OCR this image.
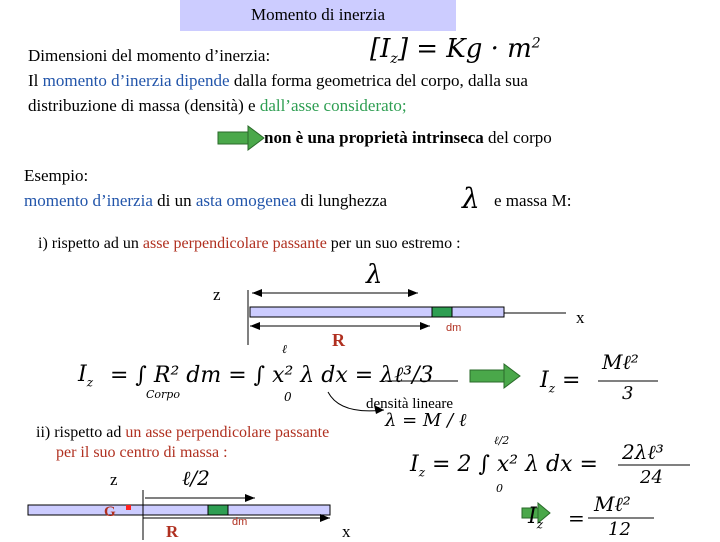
Momento di inerzia
Dimensioni del momento d’inerzia:	$[I_z] = Kg \cdot m^2$
Il momento d’inerzia dipende dalla forma geometrica del corpo, dalla sua
distribuzione di massa (densità) e dall’asse considerato;
non è una proprietà intrinseca del corpo
Esempio:
momento d’inerzia di un asta omogenea di lunghezza	λ e massa M:
i) rispetto ad un asse perpendicolare passante per un suo estremo :
z
λ
dm
x
R
$I_z$ = ∫ R² dm = ∫ x² λ dx = λℓ³/3
Corpo
ℓ
0
$I_z$ =
Mℓ²
3
densità lineare
λ = M / ℓ
ii) rispetto ad un asse perpendicolare passante
per il suo centro di massa :	$I_z = 2$ ∫ x² λ dx =
ℓ/2
0
2λℓ³
24
z	ℓ/2
G
R	dm	x
$I_z$ =
Mℓ²
12
